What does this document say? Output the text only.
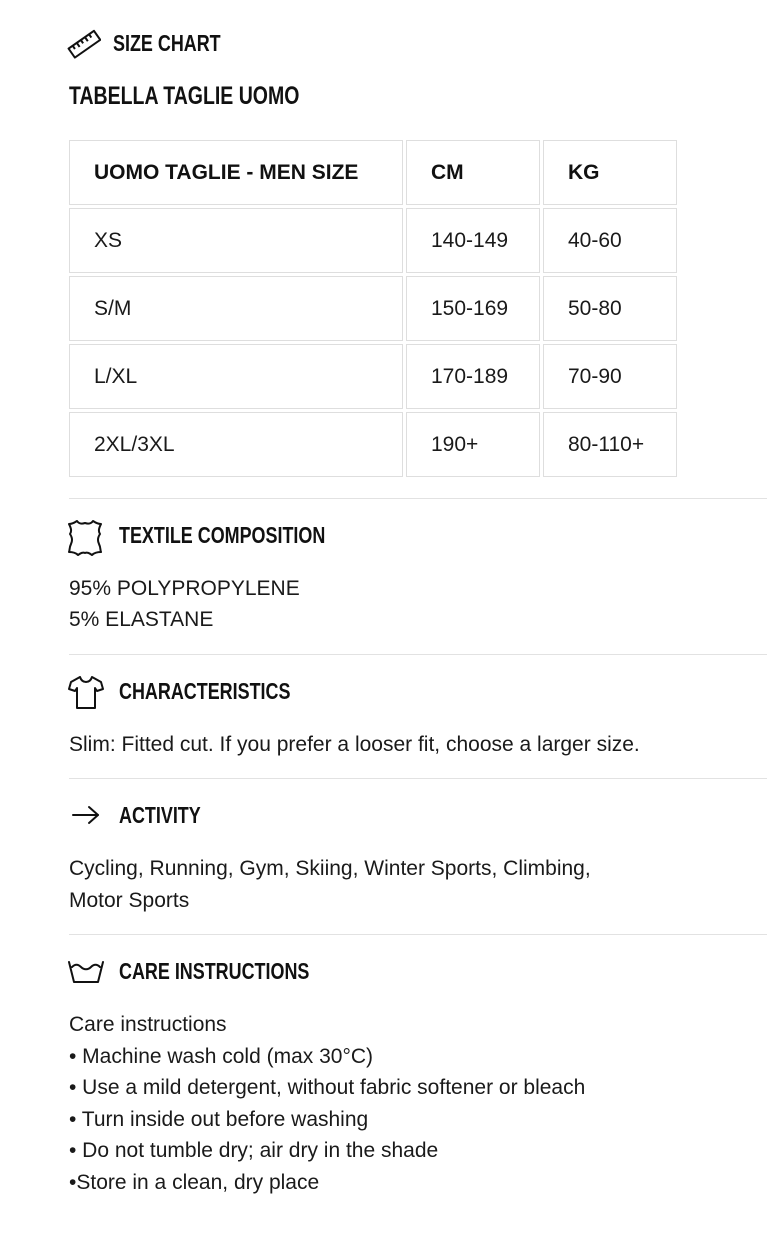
SIZE CHART
TABELLA TAGLIE UOMO
UOMO TAGLIE - MEN SIZE	CM	KG
XS	140-149	40-60
S/M	150-169	50-80
L/XL	170-189	70-90
2XL/3XL	190+	80-110+
TEXTILE COMPOSITION
95% POLYPROPYLENE
5% ELASTANE
CHARACTERISTICS
Slim: Fitted cut. If you prefer a looser fit, choose a larger size.
ACTIVITY
Cycling, Running, Gym, Skiing, Winter Sports, Climbing,
Motor Sports
CARE INSTRUCTIONS
Care instructions
• Machine wash cold (max 30°C)
• Use a mild detergent, without fabric softener or bleach
• Turn inside out before washing
• Do not tumble dry; air dry in the shade
•Store in a clean, dry place
